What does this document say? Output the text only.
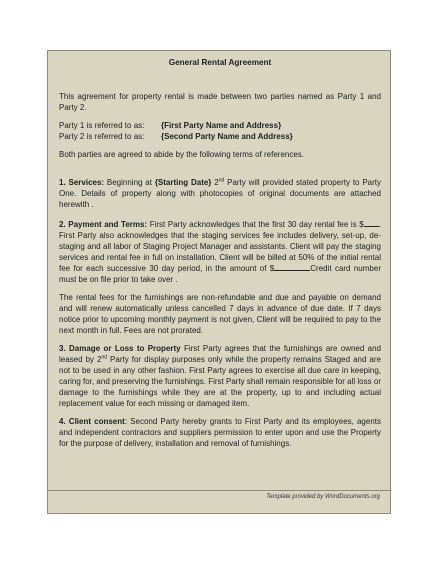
General Rental Agreement

This agreement for property rental is made between two parties named as Party 1 and Party 2.

Party 1 is referred to as:	{First Party Name and Address}
Party 2 is referred to as:	{Second Party Name and Address}

Both parties are agreed to abide by the following terms of references.

1. Services: Beginning at {Starting Date} 2nd Party will provided stated property to Party One. Details of property along with photocopies of original documents are attached herewith .

2. Payment and Terms: First Party acknowledges that the first 30 day rental fee is $ . First Party also acknowledges that the staging services fee includes delivery, set-up, de-staging and all labor of Staging Project Manager and assistants. Client will pay the staging services and rental fee in full on installation. Client will be billed at 50% of the initial rental fee for each successive 30 day period, in the amount of $	Credit card number must be on file prior to take over .

The rental fees for the furnishings are non-refundable and due and payable on demand and will renew automatically unless cancelled 7 days in advance of due date. If 7 days notice prior to upcoming monthly payment is not given, Client will be required to pay to the next month in full. Fees are not prorated.

3. Damage or Loss to Property First Party agrees that the furnishings are owned and leased by 2nd Party for display purposes only while the property remains Staged and are not to be used in any other fashion. First Party agrees to exercise all due care in keeping, caring for, and preserving the furnishings. First Party shall remain responsible for all loss or damage to the furnishings while they are at the property, up to and including actual replacement value for each missing or damaged item.

4. Client consent: Second Party hereby grants to First Party and its employees, agents and independent contractors and suppliers permission to enter upon and use the Property for the purpose of delivery, installation and removal of furnishings.

Template provided by WordDocuments.org
